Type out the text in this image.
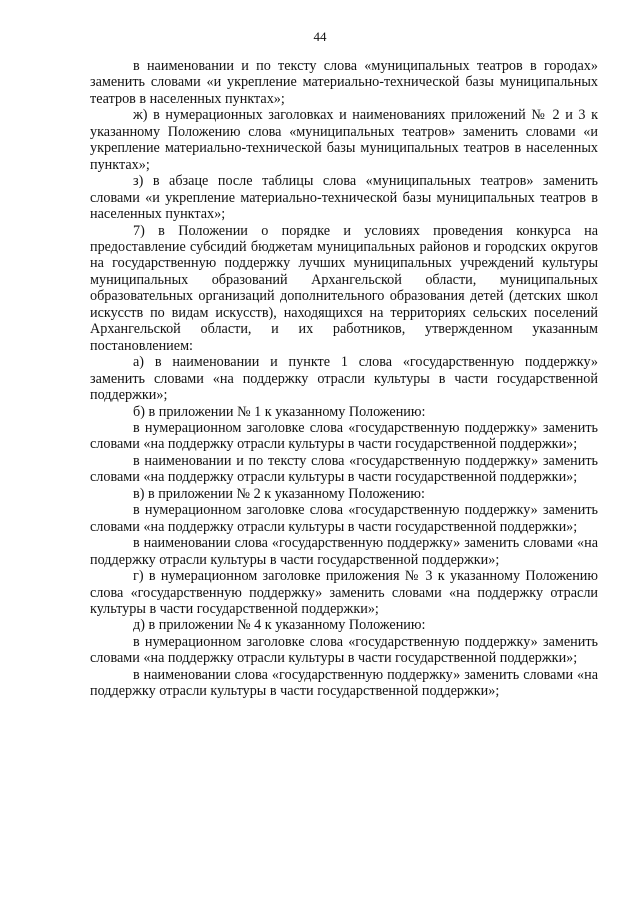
44

в наименовании и по тексту слова «муниципальных театров в городах» заменить словами «и укрепление материально-технической базы муниципальных театров в населенных пунктах»;

ж) в нумерационных заголовках и наименованиях приложений № 2 и 3 к указанному Положению слова «муниципальных театров» заменить словами «и укрепление материально-технической базы муниципальных театров в населенных пунктах»;

з) в абзаце после таблицы слова «муниципальных театров» заменить словами «и укрепление материально-технической базы муниципальных театров в населенных пунктах»;

7) в Положении о порядке и условиях проведения конкурса на предоставление субсидий бюджетам муниципальных районов и городских округов на государственную поддержку лучших муниципальных учреждений культуры муниципальных образований Архангельской области, муниципальных образовательных организаций дополнительного образования детей (детских школ искусств по видам искусств), находящихся на территориях сельских поселений Архангельской области, и их работников, утвержденном указанным постановлением:

а) в наименовании и пункте 1 слова «государственную поддержку» заменить словами «на поддержку отрасли культуры в части государственной поддержки»;

б) в приложении № 1 к указанному Положению:

в нумерационном заголовке слова «государственную поддержку» заменить словами «на поддержку отрасли культуры в части государственной поддержки»;

в наименовании и по тексту слова «государственную поддержку» заменить словами «на поддержку отрасли культуры в части государственной поддержки»;

в) в приложении № 2 к указанному Положению:

в нумерационном заголовке слова «государственную поддержку» заменить словами «на поддержку отрасли культуры в части государственной поддержки»;

в наименовании слова «государственную поддержку» заменить словами «на поддержку отрасли культуры в части государственной поддержки»;

г) в нумерационном заголовке приложения № 3 к указанному Положению слова «государственную поддержку» заменить словами «на поддержку отрасли культуры в части государственной поддержки»;

д) в приложении № 4 к указанному Положению:

в нумерационном заголовке слова «государственную поддержку» заменить словами «на поддержку отрасли культуры в части государственной поддержки»;

в наименовании слова «государственную поддержку» заменить словами «на поддержку отрасли культуры в части государственной поддержки»;
